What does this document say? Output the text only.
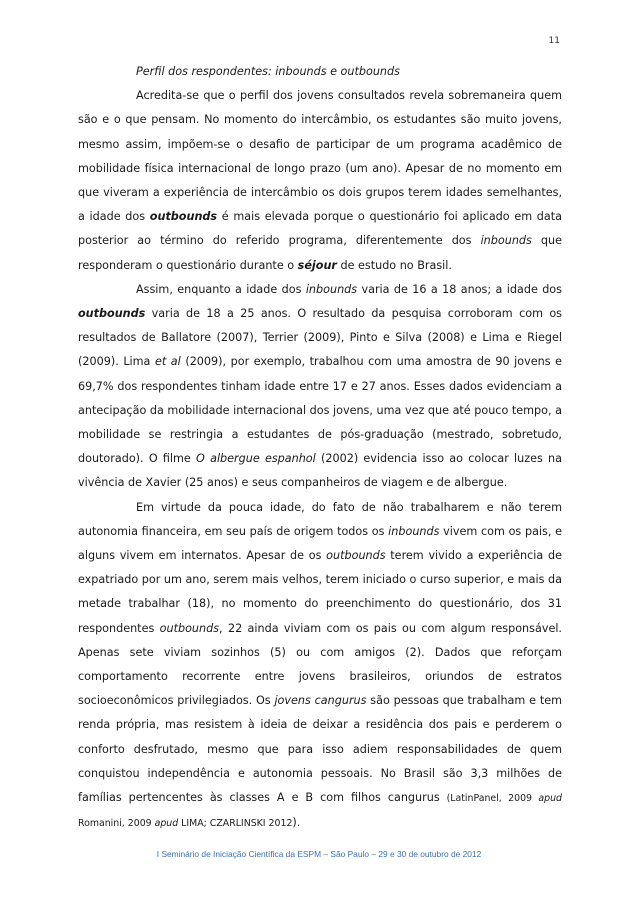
11

Perfil dos respondentes: inbounds e outbounds

Acredita-se que o perfil dos jovens consultados revela sobremaneira quem são e o que pensam. No momento do intercâmbio, os estudantes são muito jovens, mesmo assim, impõem-se o desafio de participar de um programa acadêmico de mobilidade física internacional de longo prazo (um ano). Apesar de no momento em que viveram a experiência de intercâmbio os dois grupos terem idades semelhantes, a idade dos outbounds é mais elevada porque o questionário foi aplicado em data posterior ao término do referido programa, diferentemente dos inbounds que responderam o questionário durante o séjour de estudo no Brasil.

Assim, enquanto a idade dos inbounds varia de 16 a 18 anos; a idade dos outbounds varia de 18 a 25 anos. O resultado da pesquisa corroboram com os resultados de Ballatore (2007), Terrier (2009), Pinto e Silva (2008) e Lima e Riegel (2009). Lima et al (2009), por exemplo, trabalhou com uma amostra de 90 jovens e 69,7% dos respondentes tinham idade entre 17 e 27 anos. Esses dados evidenciam a antecipação da mobilidade internacional dos jovens, uma vez que até pouco tempo, a mobilidade se restringia a estudantes de pós-graduação (mestrado, sobretudo, doutorado). O filme O albergue espanhol (2002) evidencia isso ao colocar luzes na vivência de Xavier (25 anos) e seus companheiros de viagem e de albergue.

Em virtude da pouca idade, do fato de não trabalharem e não terem autonomia financeira, em seu país de origem todos os inbounds vivem com os pais, e alguns vivem em internatos. Apesar de os outbounds terem vivido a experiência de expatriado por um ano, serem mais velhos, terem iniciado o curso superior, e mais da metade trabalhar (18), no momento do preenchimento do questionário, dos 31 respondentes outbounds, 22 ainda viviam com os pais ou com algum responsável. Apenas sete viviam sozinhos (5) ou com amigos (2). Dados que reforçam comportamento recorrente entre jovens brasileiros, oriundos de estratos socioeconômicos privilegiados. Os jovens cangurus são pessoas que trabalham e tem renda própria, mas resistem à ideia de deixar a residência dos pais e perderem o conforto desfrutado, mesmo que para isso adiem responsabilidades de quem conquistou independência e autonomia pessoais. No Brasil são 3,3 milhões de famílias pertencentes às classes A e B com filhos cangurus (LatinPanel, 2009 apud Romanini, 2009 apud LIMA; CZARLINSKI 2012).

I Seminário de Iniciação Científica da ESPM – São Paulo – 29 e 30 de outubro de 2012
